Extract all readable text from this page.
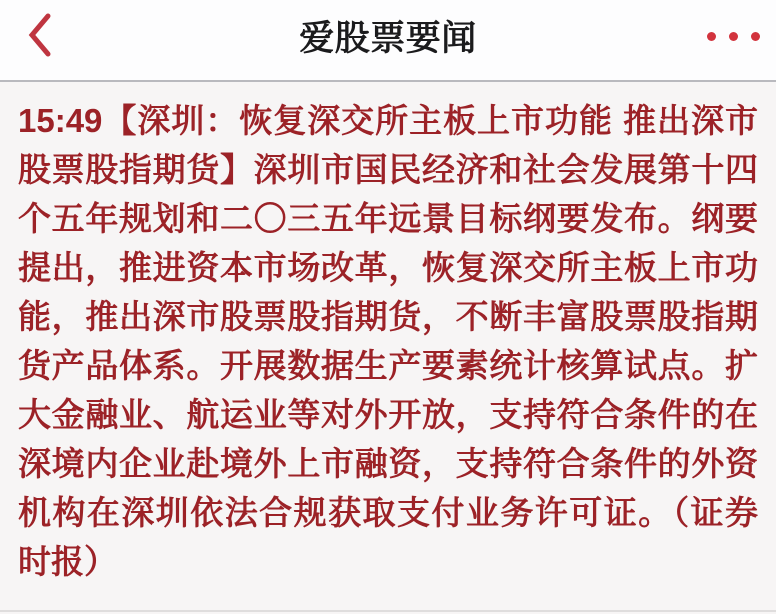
爱股票要闻
15:49【深圳：恢复深交所主板上市功能 推出深市
股票股指期货】深圳市国民经济和社会发展第十四
个五年规划和二〇三五年远景目标纲要发布。纲要
提出，推进资本市场改革，恢复深交所主板上市功
能，推出深市股票股指期货，不断丰富股票股指期
货产品体系。开展数据生产要素统计核算试点。扩
大金融业、航运业等对外开放，支持符合条件的在
深境内企业赴境外上市融资，支持符合条件的外资
机构在深圳依法合规获取支付业务许可证。（证券
时报）
